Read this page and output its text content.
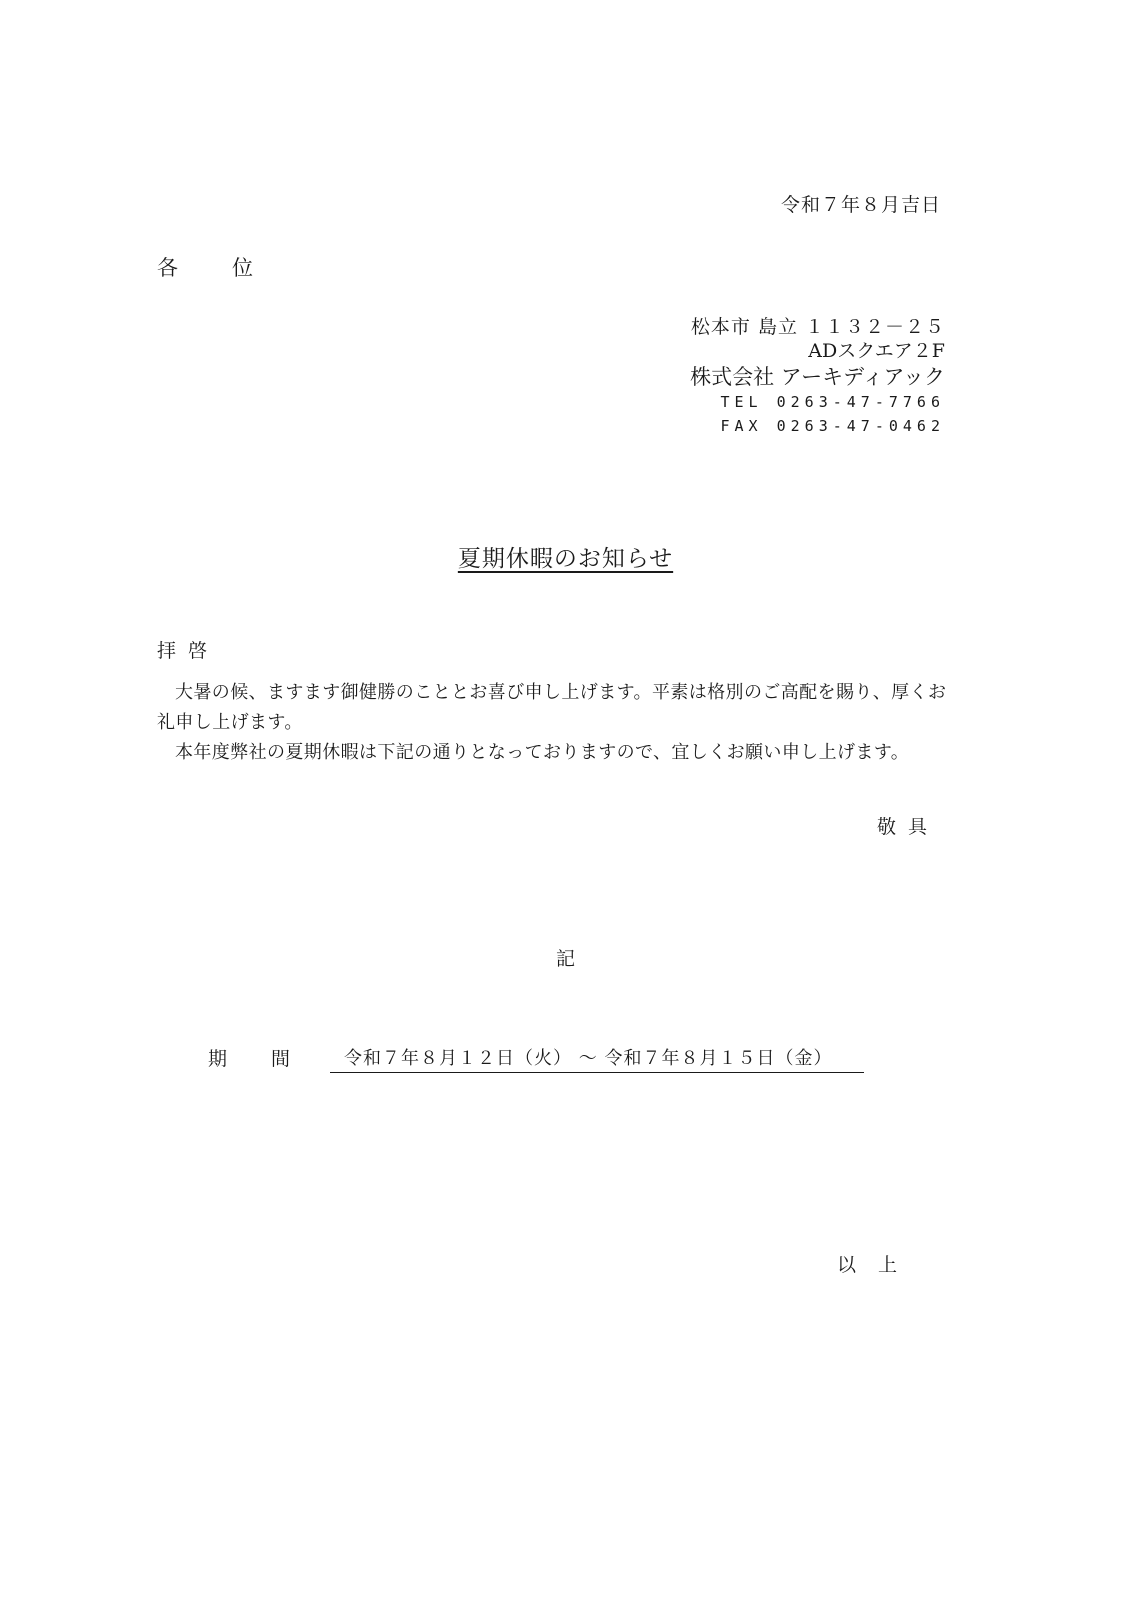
令和７年８月吉日
各位
松本市 島立 １１３２－２５
ADスクエア２F
株式会社 アーキディアック
TEL 0263-47-7766
FAX 0263-47-0462
夏期休暇のお知らせ
拝啓
大暑の候、ますます御健勝のこととお喜び申し上げます。平素は格別のご高配を賜り、厚くお礼申し上げます。
本年度弊社の夏期休暇は下記の通りとなっておりますので、宜しくお願い申し上げます。
敬具
記
期間 令和７年８月１２日（火） ～ 令和７年８月１５日（金）
以上
